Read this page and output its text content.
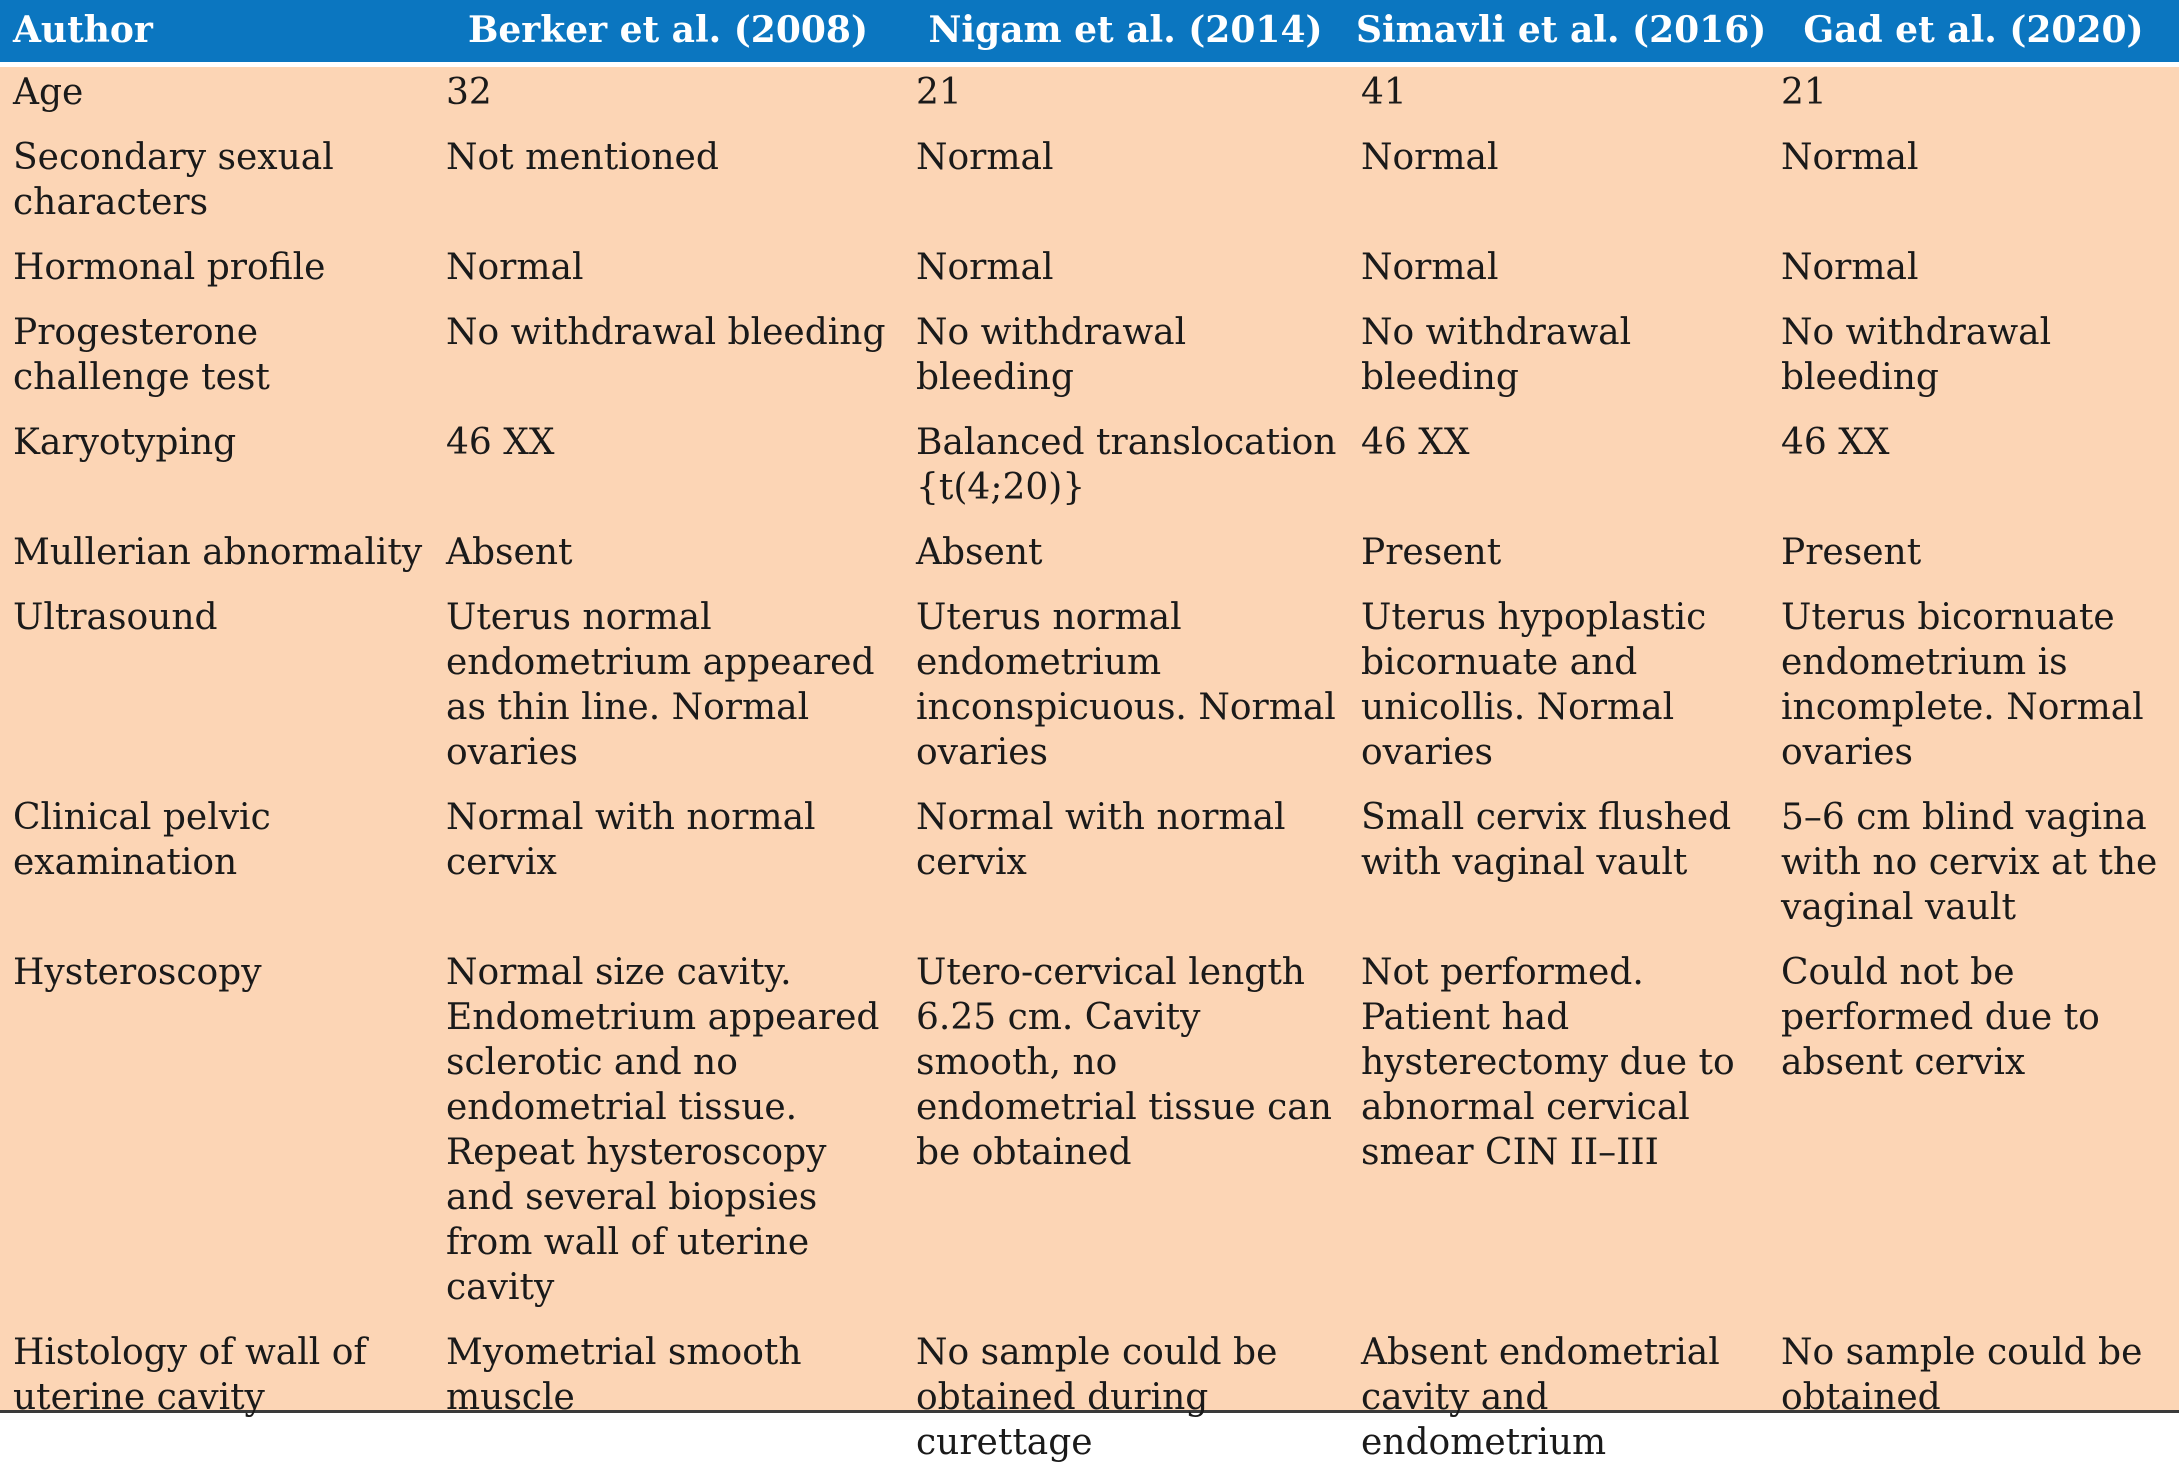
Author	Berker et al. (2008)	Nigam et al. (2014)	Simavli et al. (2016)	Gad et al. (2020)
Age	32	21	41	21
Secondary sexual characters	Not mentioned	Normal	Normal	Normal
Hormonal profile	Normal	Normal	Normal	Normal
Progesterone challenge test	No withdrawal bleeding	No withdrawal bleeding	No withdrawal bleeding	No withdrawal bleeding
Karyotyping	46 XX	Balanced translocation {t(4;20)}	46 XX	46 XX
Mullerian abnormality	Absent	Absent	Present	Present
Ultrasound	Uterus normal endometrium appeared as thin line. Normal ovaries	Uterus normal endometrium inconspicuous. Normal ovaries	Uterus hypoplastic bicornuate and unicollis. Normal ovaries	Uterus bicornuate endometrium is incomplete. Normal ovaries
Clinical pelvic examination	Normal with normal cervix	Normal with normal cervix	Small cervix flushed with vaginal vault	5–6 cm blind vagina with no cervix at the vaginal vault
Hysteroscopy	Normal size cavity. Endometrium appeared sclerotic and no endometrial tissue. Repeat hysteroscopy and several biopsies from wall of uterine cavity	Utero-cervical length 6.25 cm. Cavity smooth, no endometrial tissue can be obtained	Not performed. Patient had hysterectomy due to abnormal cervical smear CIN II–III	Could not be performed due to absent cervix
Histology of wall of uterine cavity	Myometrial smooth muscle	No sample could be obtained during curettage	Absent endometrial cavity and endometrium	No sample could be obtained
